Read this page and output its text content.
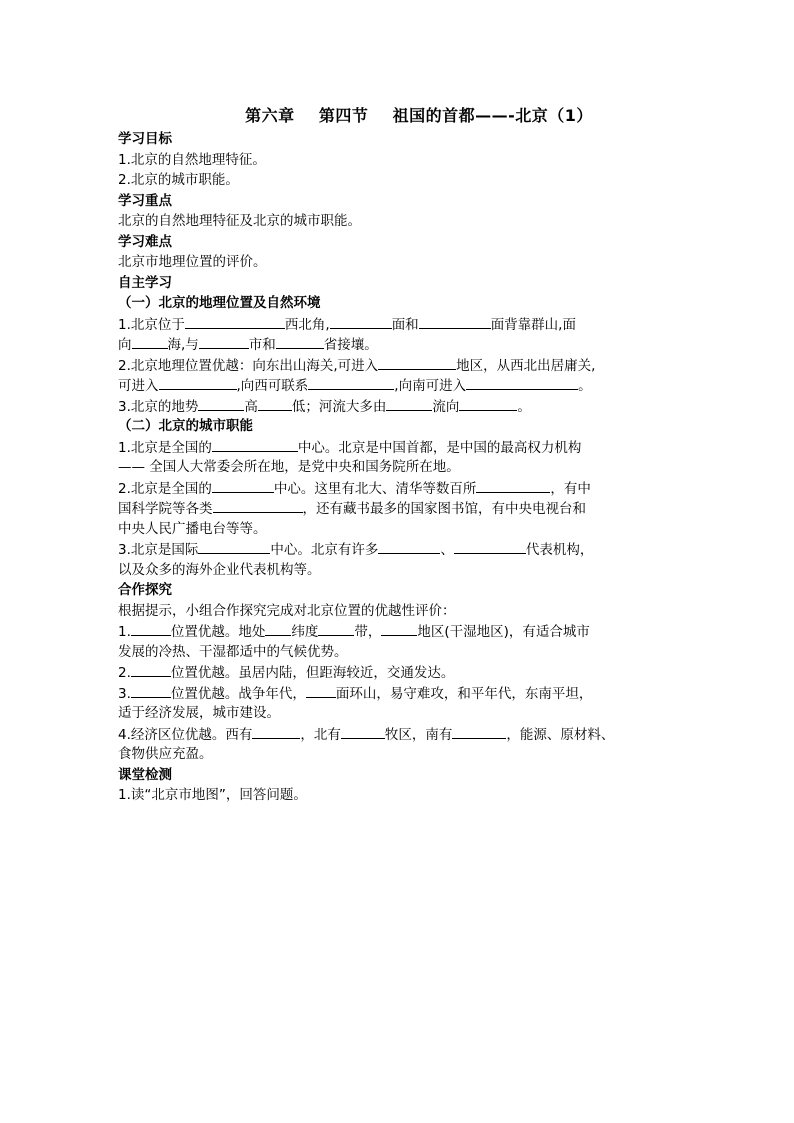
第六章    第四节    祖国的首都——-北京（1）
学习目标
1.北京的自然地理特征。
2.北京的城市职能。
学习重点
北京的自然地理特征及北京的城市职能。
学习难点
北京市地理位置的评价。
自主学习
（一）北京的地理位置及自然环境
1.北京位于	西北角,	面和	面背靠群山,面
向	海,与	市和	省接壤。
2.北京地理位置优越：向东出山海关,可进入	地区，从西北出居庸关,
可进入	,向西可联系	,向南可进入	。
3.北京的地势	高	低；河流大多由	流向	。
（二）北京的城市职能
1.北京是全国的	中心。北京是中国首都，是中国的最高权力机构
—— 全国人大常委会所在地，是党中央和国务院所在地。
2.北京是全国的	中心。这里有北大、清华等数百所	，有中
国科学院等各类	，还有藏书最多的国家图书馆，有中央电视台和
中央人民广播电台等等。
3.北京是国际	中心。北京有许多	、	代表机构，
以及众多的海外企业代表机构等。
合作探究
根据提示，小组合作探究完成对北京位置的优越性评价：
1.	位置优越。地处 纬度	带，	地区(干湿地区)，有适合城市
发展的冷热、干湿都适中的气候优势。
2.	位置优越。虽居内陆，但距海较近，交通发达。
3.	位置优越。战争年代， 面环山，易守难攻，和平年代，东南平坦，
适于经济发展，城市建设。
4.经济区位优越。西有	，北有	牧区，南有	，能源、原材料、
食物供应充盈。
课堂检测
1.读“北京市地图”，回答问题。
